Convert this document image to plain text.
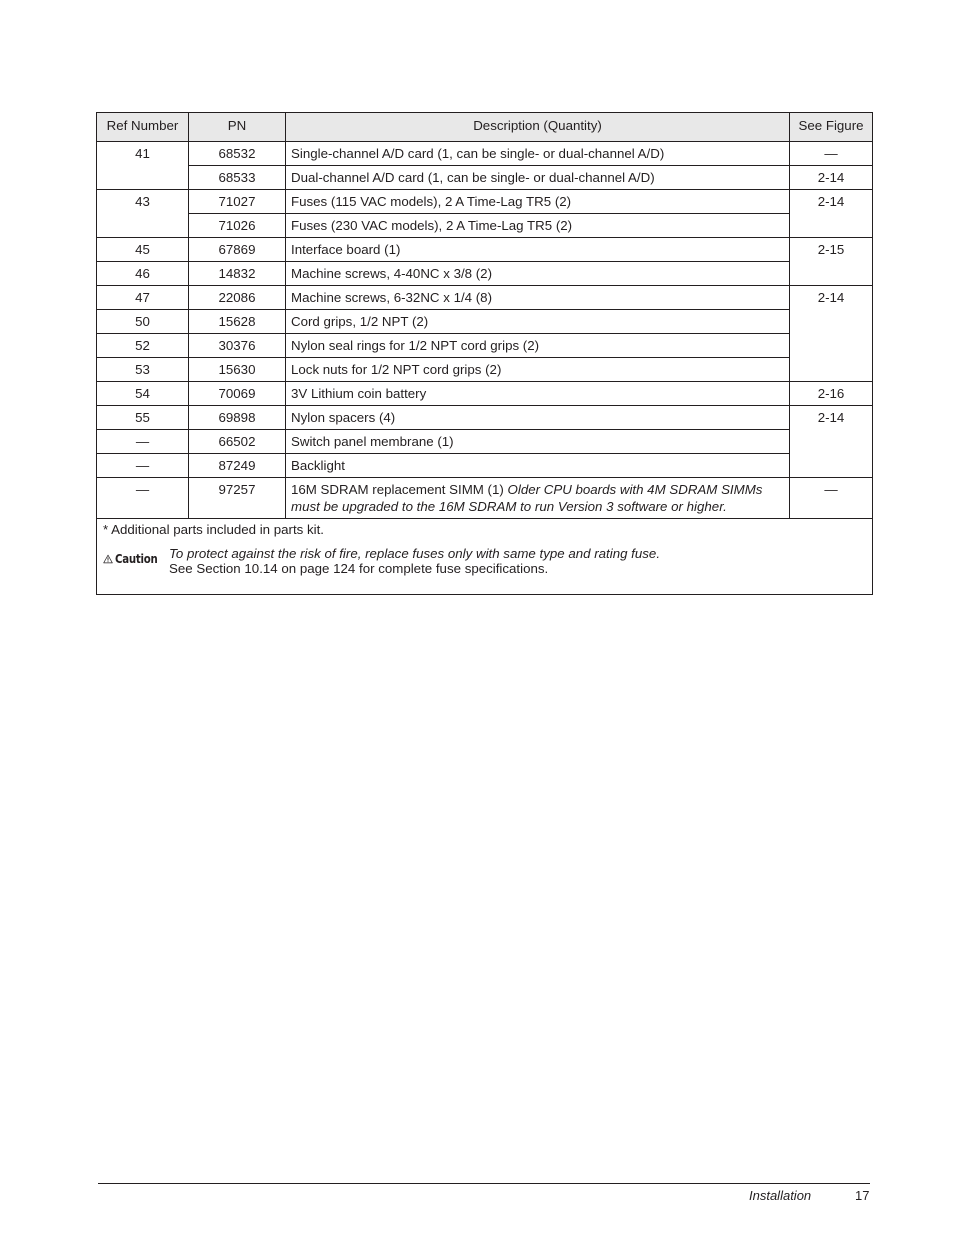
Ref Number	PN	Description (Quantity)	See Figure
41	68532	Single-channel A/D card (1, can be single- or dual-channel A/D)	—
	68533	Dual-channel A/D card (1, can be single- or dual-channel A/D)	2-14
43	71027	Fuses (115 VAC models), 2 A Time-Lag TR5 (2)	2-14
	71026	Fuses (230 VAC models), 2 A Time-Lag TR5 (2)	
45	67869	Interface board (1)	2-15
46	14832	Machine screws, 4-40NC x 3/8 (2)	
47	22086	Machine screws, 6-32NC x 1/4 (8)	2-14
50	15628	Cord grips, 1/2 NPT (2)	
52	30376	Nylon seal rings for 1/2 NPT cord grips (2)	
53	15630	Lock nuts for 1/2 NPT cord grips (2)	
54	70069	3V Lithium coin battery	2-16
55	69898	Nylon spacers (4)	2-14
—	66502	Switch panel membrane (1)	
—	87249	Backlight	
—	97257	16M SDRAM replacement SIMM (1) Older CPU boards with 4M SDRAM SIMMs must be upgraded to the 16M SDRAM to run Version 3 software or higher.	—

* Additional parts included in parts kit.
Caution To protect against the risk of fire, replace fuses only with same type and rating fuse.
See Section 10.14 on page 124 for complete fuse specifications.			
Installation	17
